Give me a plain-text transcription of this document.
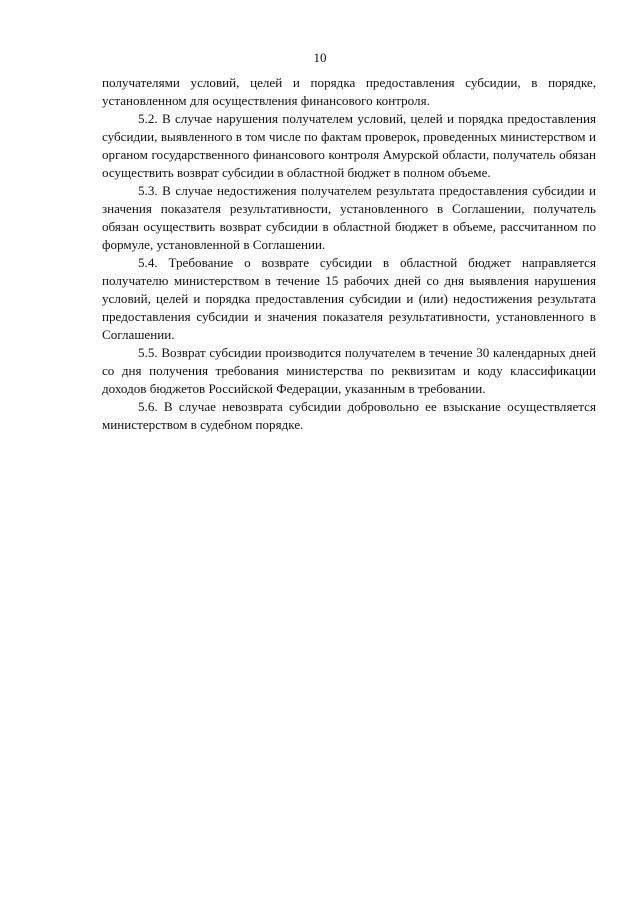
10

получателями условий, целей и порядка предоставления субсидии, в порядке, установленном для осуществления финансового контроля.

5.2. В случае нарушения получателем условий, целей и порядка предоставления субсидии, выявленного в том числе по фактам проверок, проведенных министерством и органом государственного финансового контроля Амурской области, получатель обязан осуществить возврат субсидии в областной бюджет в полном объеме.

5.3. В случае недостижения получателем результата предоставления субсидии и значения показателя результативности, установленного в Соглашении, получатель обязан осуществить возврат субсидии в областной бюджет в объеме, рассчитанном по формуле, установленной в Соглашении.

5.4. Требование о возврате субсидии в областной бюджет направляется получателю министерством в течение 15 рабочих дней со дня выявления нарушения условий, целей и порядка предоставления субсидии и (или) недостижения результата предоставления субсидии и значения показателя результативности, установленного в Соглашении.

5.5. Возврат субсидии производится получателем в течение 30 календарных дней со дня получения требования министерства по реквизитам и коду классификации доходов бюджетов Российской Федерации, указанным в требовании.

5.6. В случае невозврата субсидии добровольно ее взыскание осуществляется министерством в судебном порядке.
